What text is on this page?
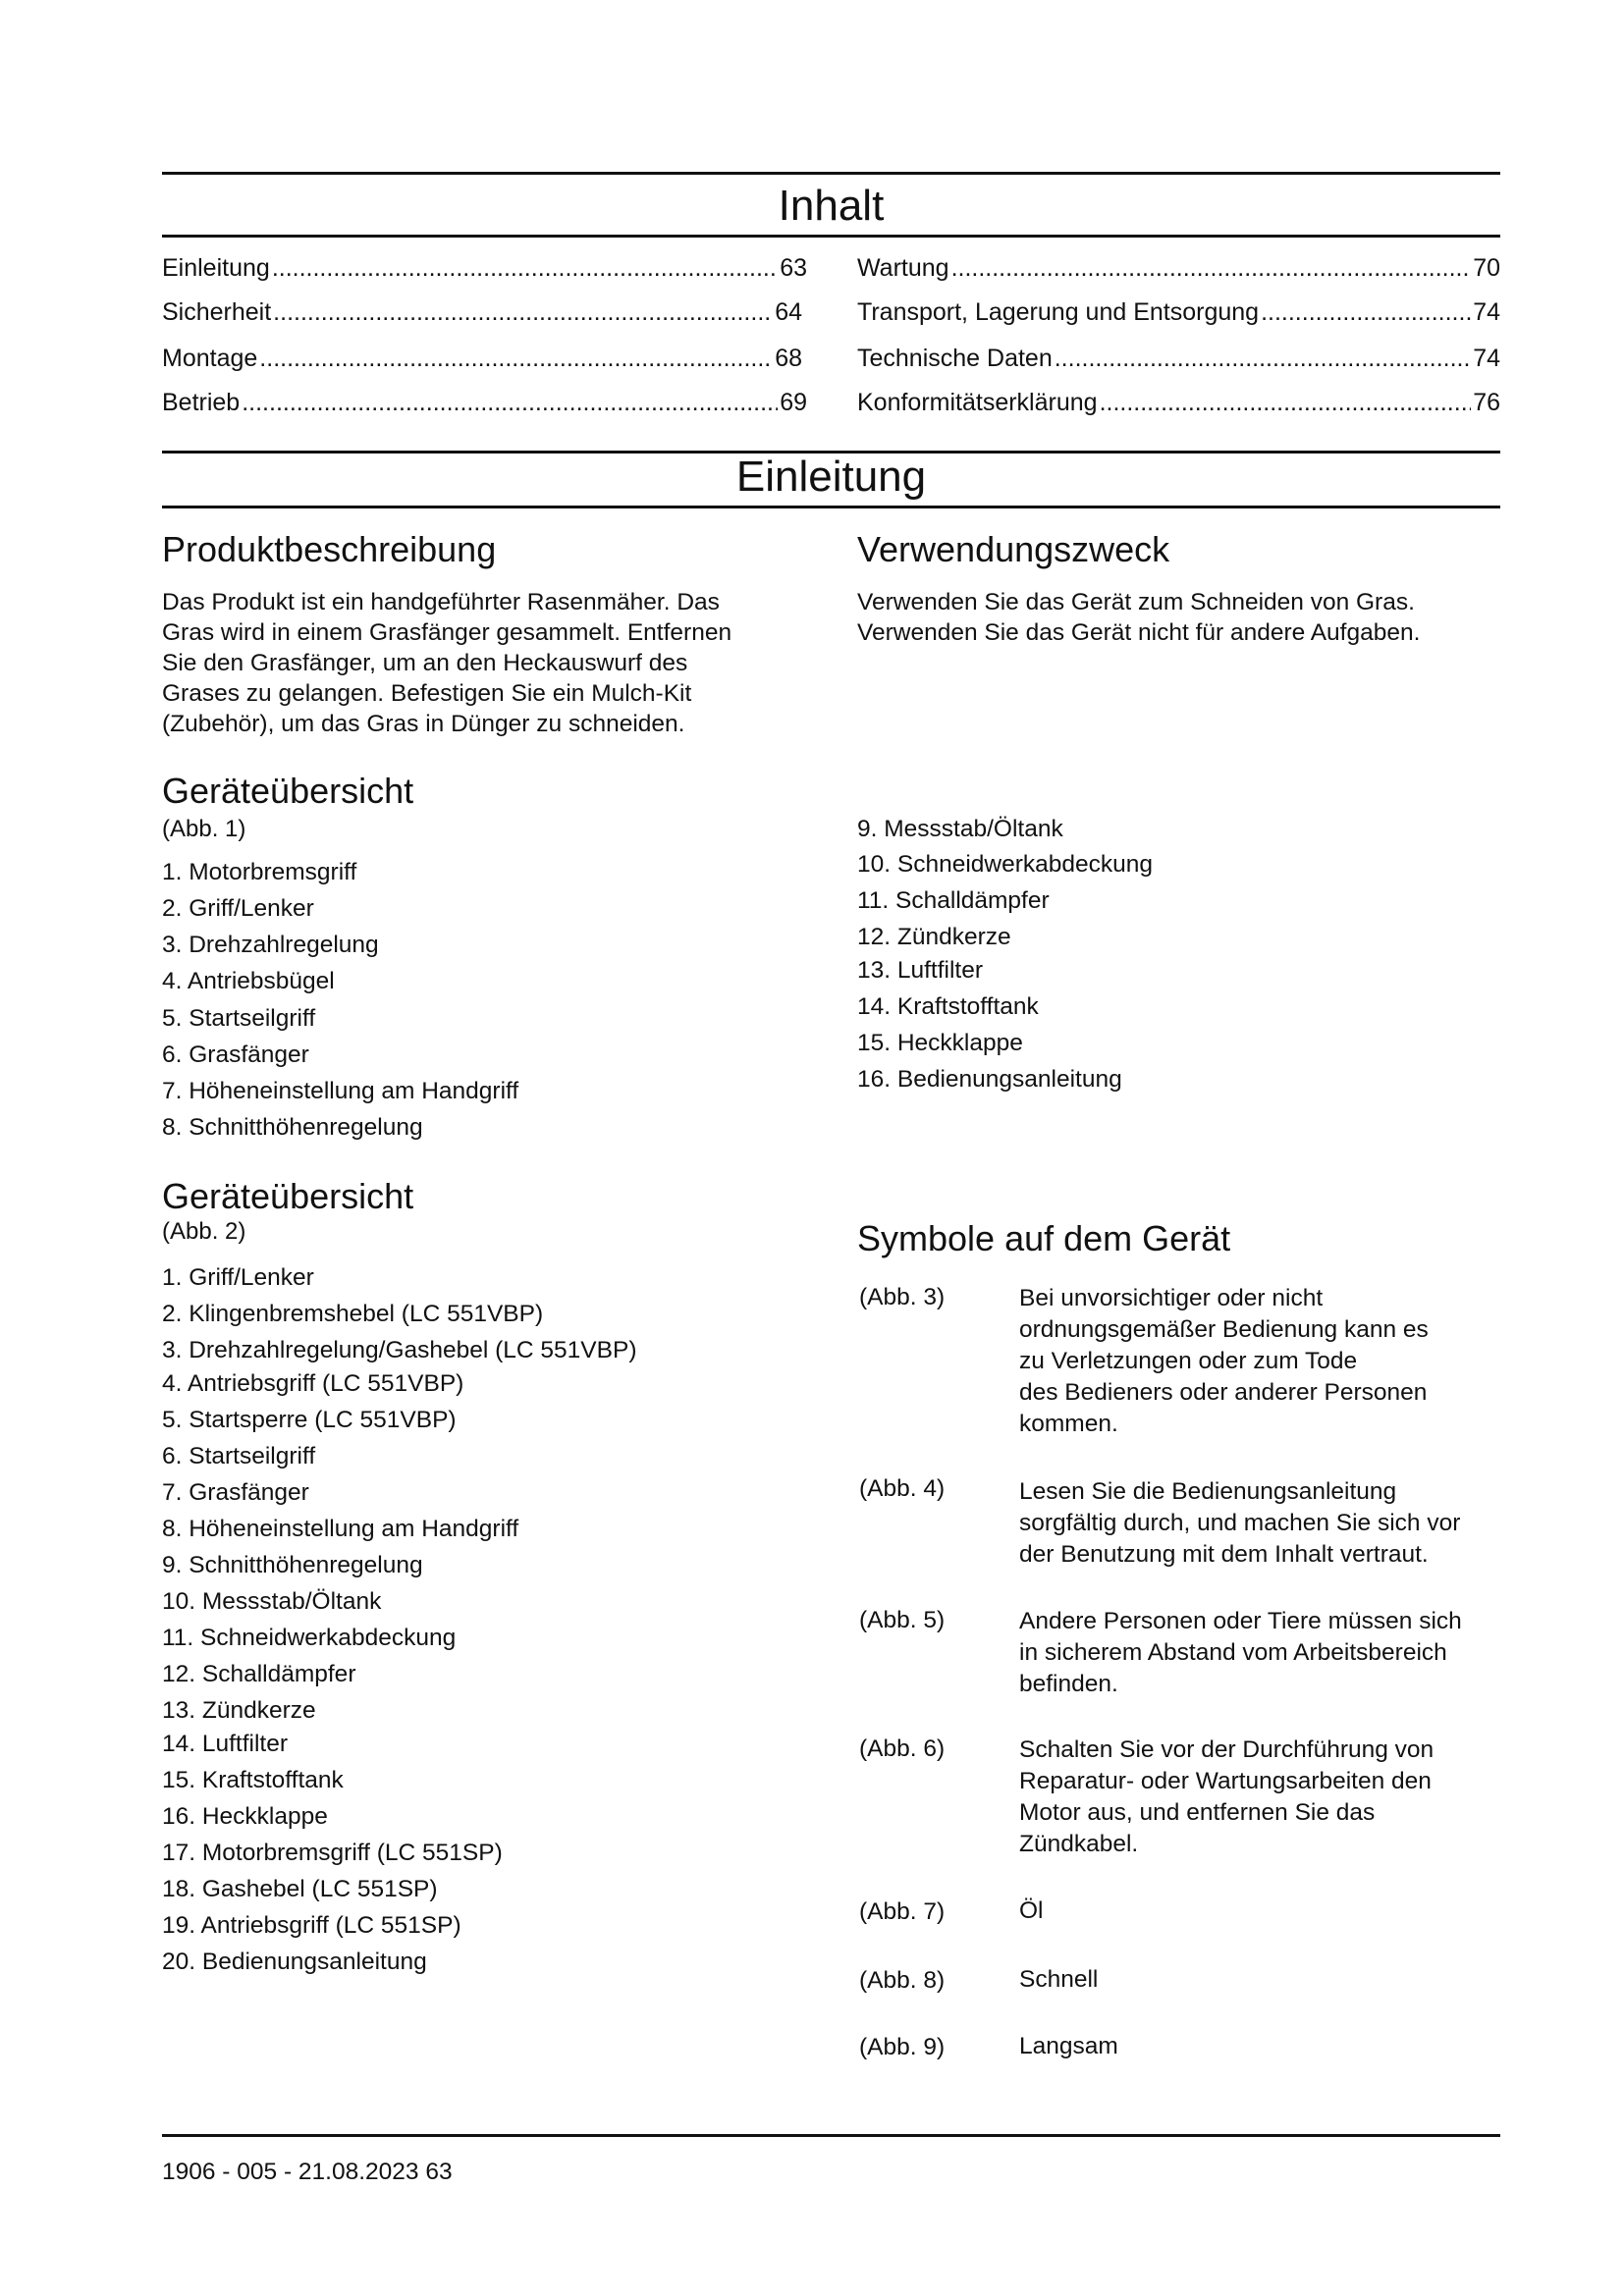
Inhalt
Einleitung .....	63
Sicherheit .....	64
Montage .....	68
Betrieb .....	69
Wartung .....	70
Transport, Lagerung und Entsorgung .....	74
Technische Daten .....	74
Konformitätserklärung .....	76
Einleitung
Produktbeschreibung

Das Produkt ist ein handgeführter Rasenmäher. Das

Gras wird in einem Grasfänger gesammelt. Entfernen

Sie den Grasfänger, um an den Heckauswurf des

Grases zu gelangen. Befestigen Sie ein Mulch-Kit

(Zubehör), um das Gras in Dünger zu schneiden.

Verwendungszweck

Verwenden Sie das Gerät zum Schneiden von Gras.

Verwenden Sie das Gerät nicht für andere Aufgaben.

Geräteübersicht

(Abb. 1)

1. Motorbremsgriff

2. Griff/Lenker

3. Drehzahlregelung

4. Antriebsbügel

5. Startseilgriff

6. Grasfänger

7. Höheneinstellung am Handgriff

8. Schnitthöhenregelung

9. Messstab/Öltank

10. Schneidwerkabdeckung

11. Schalldämpfer

12. Zündkerze

13. Luftfilter

14. Kraftstofftank

15. Heckklappe

16. Bedienungsanleitung

Geräteübersicht

(Abb. 2)

1. Griff/Lenker

2. Klingenbremshebel (LC 551VBP)

3. Drehzahlregelung/Gashebel (LC 551VBP)

4. Antriebsgriff (LC 551VBP)

5. Startsperre (LC 551VBP)

6. Startseilgriff

7. Grasfänger

8. Höheneinstellung am Handgriff

9. Schnitthöhenregelung

10. Messstab/Öltank

11. Schneidwerkabdeckung

12. Schalldämpfer

13. Zündkerze

14. Luftfilter

15. Kraftstofftank

16. Heckklappe

17. Motorbremsgriff (LC 551SP)

18. Gashebel (LC 551SP)

19. Antriebsgriff (LC 551SP)

20. Bedienungsanleitung

Symbole auf dem Gerät
(Abb. 3)	Bei unvorsichtiger oder nicht
ordnungsgemäßer Bedienung kann es
zu Verletzungen oder zum Tode
des Bedieners oder anderer Personen
kommen.
(Abb. 4)	Lesen Sie die Bedienungsanleitung
sorgfältig durch, und machen Sie sich vor
der Benutzung mit dem Inhalt vertraut.
(Abb. 5)	Andere Personen oder Tiere müssen sich
in sicherem Abstand vom Arbeitsbereich
befinden.
(Abb. 6)	Schalten Sie vor der Durchführung von
Reparatur- oder Wartungsarbeiten den
Motor aus, und entfernen Sie das
Zündkabel.
(Abb. 7)	Öl
(Abb. 8)	Schnell
(Abb. 9)	Langsam
1906 - 005 - 21.08.2023 63
